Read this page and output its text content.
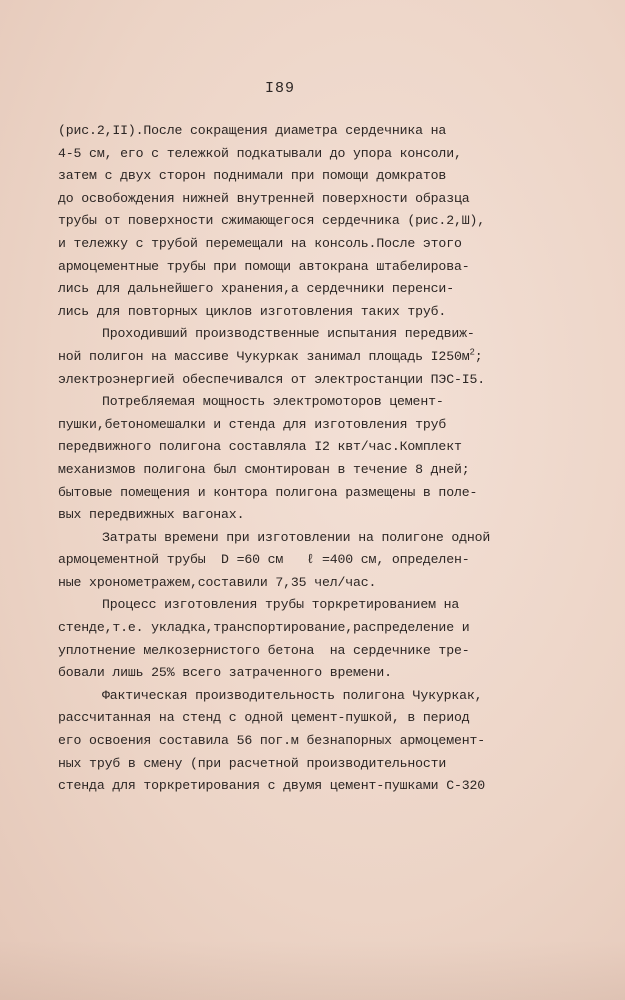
I89
(рис.2,II).После сокращения диаметра сердечника на
4-5 см, его с тележкой подкатывали до упора консоли,
затем с двух сторон поднимали при помощи домкратов
до освобождения нижней внутренней поверхности образца
трубы от поверхности сжимающегося сердечника (рис.2,Ш),
и тележку с трубой перемещали на консоль.После этого
армоцементные трубы при помощи автокрана штабелирова-
лись для дальнейшего хранения,а сердечники перенси-
лись для повторных циклов изготовления таких труб.
Проходивший производственные испытания передвиж-
ной полигон на массиве Чукуркак занимал площадь $I250м^2$;
электроэнергией обеспечивался от электростанции ПЭС-I5.
Потребляемая мощность электромоторов цемент-
пушки,бетономешалки и стенда для изготовления труб
передвижного полигона составляла I2 квт/час.Комплект
механизмов полигона был смонтирован в течение 8 дней;
бытовые помещения и контора полигона размещены в поле-
вых передвижных вагонах.
Затраты времени при изготовлении на полигоне одной
армоцементной трубы  D =60 см   ℓ =400 см, определен-
ные хронометражем,составили 7,35 чел/час.
Процесс изготовления трубы торкретированием на
стенде,т.е. укладка,транспортирование,распределение и
уплотнение мелкозернистого бетона  на сердечнике тре-
бовали лишь 25% всего затраченного времени.
Фактическая производительность полигона Чукуркак,
рассчитанная на стенд с одной цемент-пушкой, в период
его освоения составила 56 пог.м безнапорных армоцемент-
ных труб в смену (при расчетной производительности
стенда для торкретирования с двумя цемент-пушками С-320
